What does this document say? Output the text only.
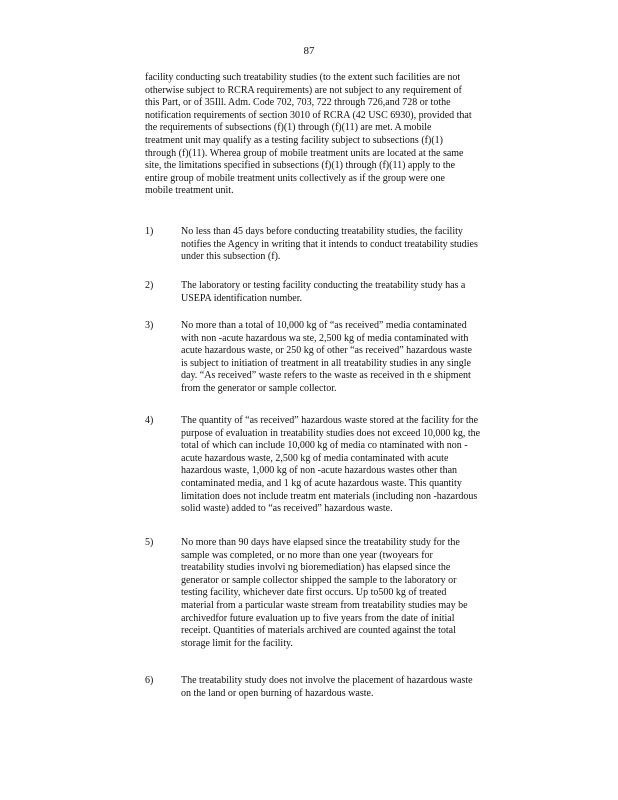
87
facility conducting such treatability studies (to the extent such facilities are not
otherwise subject to RCRA requirements) are not subject to any requirement of
this Part, or of 35Ill. Adm. Code 702, 703, 722 through 726,and 728 or tothe
notification requirements of section 3010 of RCRA (42 USC 6930), provided that
the requirements of subsections (f)(1) through (f)(11) are met. A mobile
treatment unit may qualify as a testing facility subject to subsections (f)(1)
through (f)(11). Wherea group of mobile treatment units are located at the same
site, the limitations specified in subsections (f)(1) through (f)(11) apply to the
entire group of mobile treatment units collectively as if the group were one
mobile treatment unit.
1)	No less than 45 days before conducting treatability studies, the facility
notifies the Agency in writing that it intends to conduct treatability studies
under this subsection (f).
2)	The laboratory or testing facility conducting the treatability study has a
USEPA identification number.
3)	No more than a total of 10,000 kg of “as received” media contaminated
with non -acute hazardous wa ste, 2,500 kg of media contaminated with
acute hazardous waste, or 250 kg of other “as received” hazardous waste
is subject to initiation of treatment in all treatability studies in any single
day. “As received” waste refers to the waste as received in th e shipment
from the generator or sample collector.
4)	The quantity of “as received” hazardous waste stored at the facility for the
purpose of evaluation in treatability studies does not exceed 10,000 kg, the
total of which can include 10,000 kg of media co ntaminated with non -
acute hazardous waste, 2,500 kg of media contaminated with acute
hazardous waste, 1,000 kg of non -acute hazardous wastes other than
contaminated media, and 1 kg of acute hazardous waste. This quantity
limitation does not include treatm ent materials (including non -hazardous
solid waste) added to “as received” hazardous waste.
5)	No more than 90 days have elapsed since the treatability study for the
sample was completed, or no more than one year (twoyears for
treatability studies involvi ng bioremediation) has elapsed since the
generator or sample collector shipped the sample to the laboratory or
testing facility, whichever date first occurs. Up to500 kg of treated
material from a particular waste stream from treatability studies may be
archivedfor future evaluation up to five years from the date of initial
receipt. Quantities of materials archived are counted against the total
storage limit for the facility.
6)	The treatability study does not involve the placement of hazardous waste
on the land or open burning of hazardous waste.
